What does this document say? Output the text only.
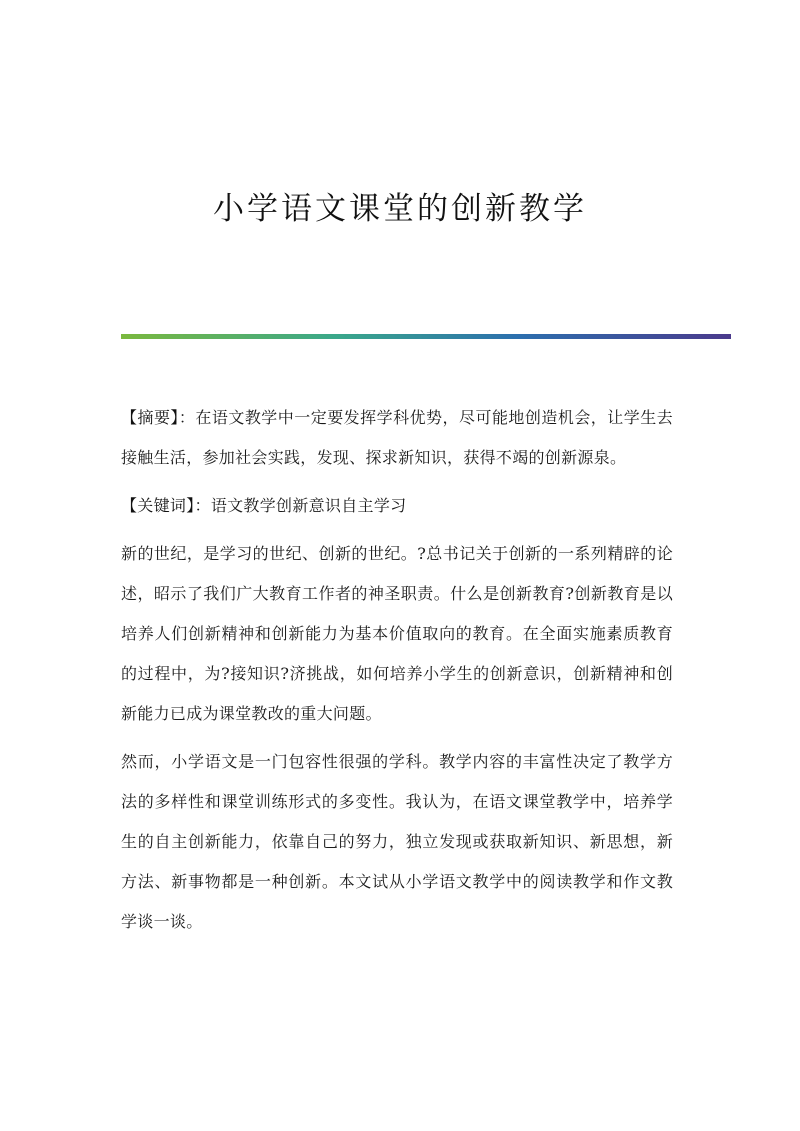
小学语文课堂的创新教学

【摘要】：在语文教学中一定要发挥学科优势，尽可能地创造机会，让学生去接触生活，参加社会实践，发现、探求新知识，获得不竭的创新源泉。

【关键词】：语文教学创新意识自主学习

新的世纪，是学习的世纪、创新的世纪。?总书记关于创新的一系列精辟的论述，昭示了我们广大教育工作者的神圣职责。什么是创新教育?创新教育是以培养人们创新精神和创新能力为基本价值取向的教育。在全面实施素质教育的过程中，为?接知识?济挑战，如何培养小学生的创新意识，创新精神和创新能力已成为课堂教改的重大问题。

然而，小学语文是一门包容性很强的学科。教学内容的丰富性决定了教学方法的多样性和课堂训练形式的多变性。我认为，在语文课堂教学中，培养学生的自主创新能力，依靠自己的努力，独立发现或获取新知识、新思想，新方法、新事物都是一种创新。本文试从小学语文教学中的阅读教学和作文教学谈一谈。
